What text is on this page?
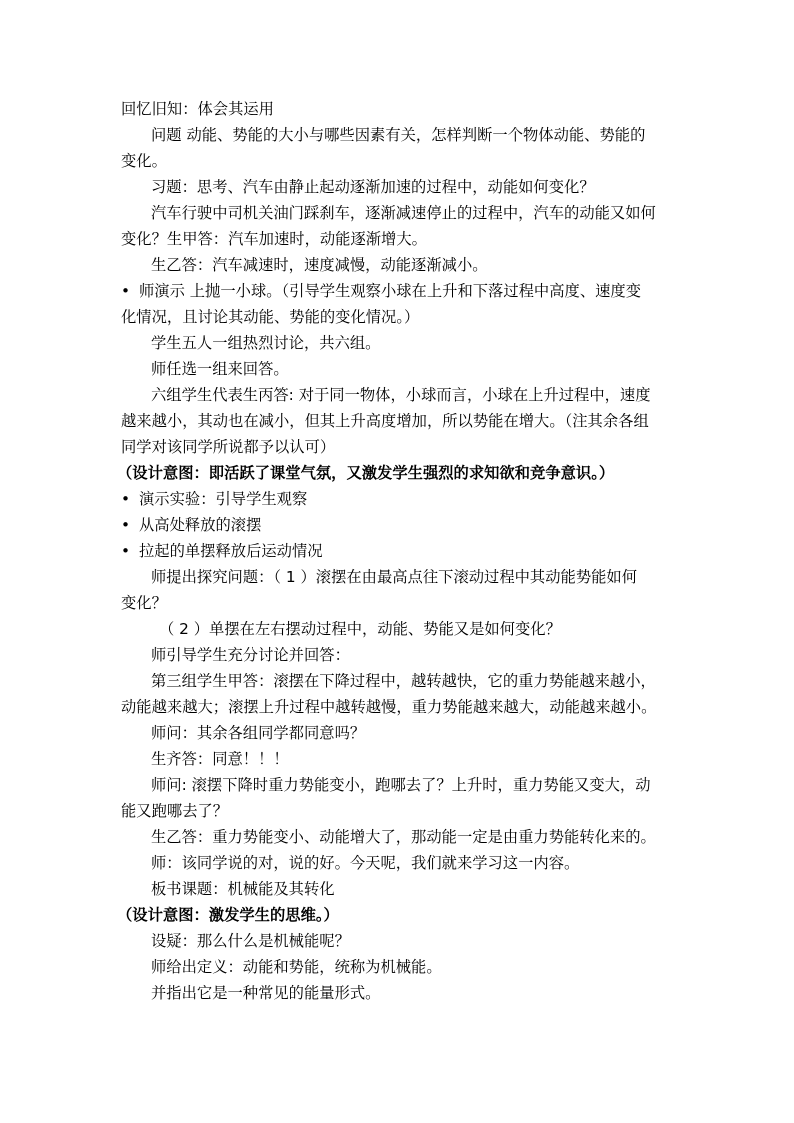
回忆旧知：体会其运用
问题 动能、势能的大小与哪些因素有关，怎样判断一个物体动能、势能的
变化。
习题：思考、汽车由静止起动逐渐加速的过程中，动能如何变化？
汽车行驶中司机关油门踩刹车，逐渐减速停止的过程中，汽车的动能又如何
变化？生甲答：汽车加速时，动能逐渐增大。
生乙答：汽车减速时，速度减慢，动能逐渐减小。
• 师演示 上抛一小球。（引导学生观察小球在上升和下落过程中高度、速度变
化情况，且讨论其动能、势能的变化情况。）
学生五人一组热烈讨论，共六组。
师任选一组来回答。
六组学生代表生丙答: 对于同一物体，小球而言，小球在上升过程中，速度
越来越小，其动也在减小，但其上升高度增加，所以势能在增大。（注其余各组
同学对该同学所说都予以认可）
（设计意图：即活跃了课堂气氛，又激发学生强烈的求知欲和竞争意识。）
• 演示实验：引导学生观察
• 从高处释放的滚摆
• 拉起的单摆释放后运动情况
师提出探究问题：（ 1 ）滚摆在由最高点往下滚动过程中其动能势能如何
变化？
（ 2 ）单摆在左右摆动过程中，动能、势能又是如何变化？
师引导学生充分讨论并回答：
第三组学生甲答：滚摆在下降过程中，越转越快，它的重力势能越来越小，
动能越来越大；滚摆上升过程中越转越慢，重力势能越来越大，动能越来越小。
师问：其余各组同学都同意吗？
生齐答：同意！！！
师问: 滚摆下降时重力势能变小，跑哪去了？上升时，重力势能又变大，动
能又跑哪去了？
生乙答：重力势能变小、动能增大了，那动能一定是由重力势能转化来的。
师：该同学说的对，说的好。今天呢，我们就来学习这一内容。
板书课题：机械能及其转化
（设计意图：激发学生的思维。）
设疑：那么什么是机械能呢？
师给出定义：动能和势能，统称为机械能。
并指出它是一种常见的能量形式。
